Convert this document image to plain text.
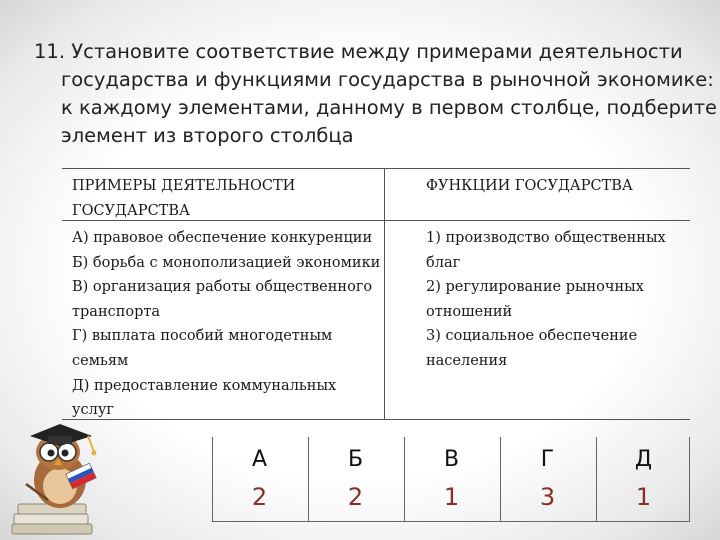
11. Установите соответствие между примерами деятельности
государства и функциями государства в рыночной экономике:
к каждому элементами, данному в первом столбце, подберите
элемент из второго столбца
ПРИМЕРЫ ДЕЯТЕЛЬНОСТИ
ГОСУДАРСТВА
А) правовое обеспечение конкуренции
Б) борьба с монополизацией экономики
В) организация работы общественного
транспорта
Г) выплата пособий многодетным
семьям
Д) предоставление коммунальных
услуг
ФУНКЦИИ ГОСУДАРСТВА
1) производство общественных
благ
2) регулирование рыночных
отношений
3) социальное обеспечение
населения
А
2
Б
2
В
1
Г
3
Д
1
